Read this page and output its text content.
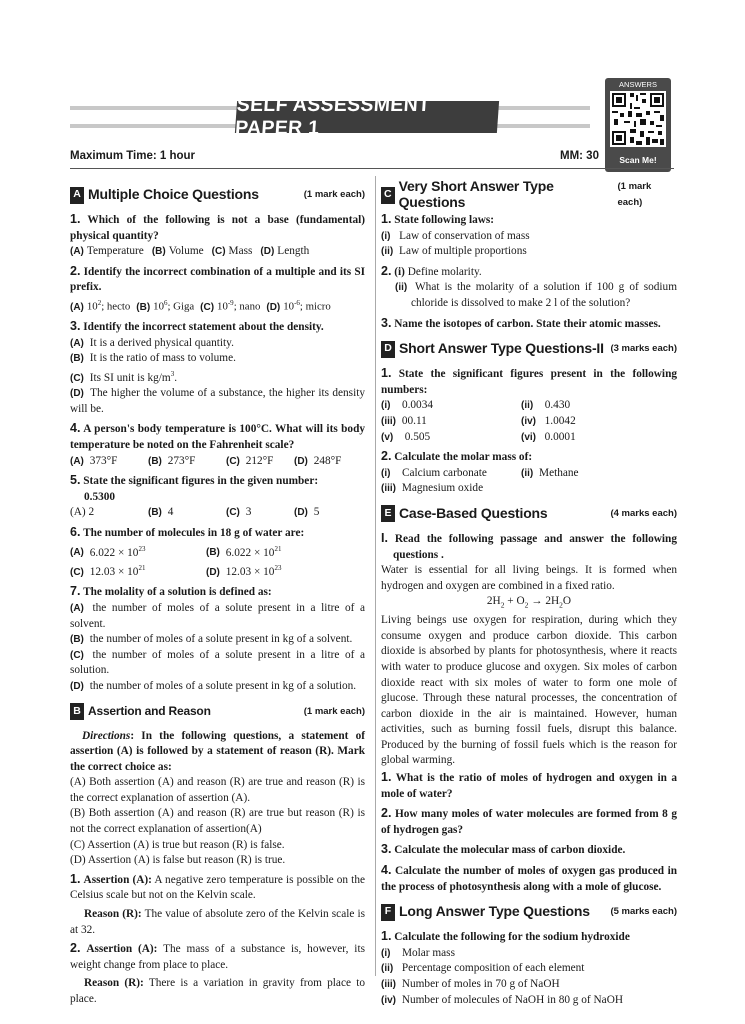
SELF ASSESSMENT PAPER 1
ANSWERS
Scan Me!
Maximum Time: 1 hour	MM: 30
A Multiple Choice Questions	(1 mark each)
1. Which of the following is not a base (fundamental) physical quantity?
(A) Temperature (B) Volume (C) Mass (D) Length
2. Identify the incorrect combination of a multiple and its SI prefix.
(A) $10^2$; hecto (B) $10^6$; Giga (C) $10^{-9}$; nano (D) $10^{-6}$; micro
3. Identify the incorrect statement about the density.
(A) It is a derived physical quantity.
(B) It is the ratio of mass to volume.
(C) Its SI unit is $kg/m^3$.
(D) The higher the volume of a substance, the higher its density will be.
4. A person's body temperature is 100°C. What will its body temperature be noted on the Fahrenheit scale?
(A) 373°F	(B) 273°F	(C) 212°F	(D) 248°F
5. State the significant figures in the given number:
0.5300
(A) 2	(B) 4	(C) 3	(D) 5
6. The number of molecules in 18 g of water are:
(A) $6.022 \times 10^{23}$	(B) $6.022 \times 10^{21}$
(C) $12.03 \times 10^{21}$	(D) $12.03 \times 10^{23}$
7. The molality of a solution is defined as:
(A) the number of moles of a solute present in a litre of a solvent.
(B) the number of moles of a solute present in kg of a solvent.
(C) the number of moles of a solute present in a litre of a solution.
(D) the number of moles of a solute present in kg of a solution.
B Assertion and Reason	(1 mark each)
Directions: In the following questions, a statement of assertion (A) is followed by a statement of reason (R). Mark the correct choice as:
(A) Both assertion (A) and reason (R) are true and reason (R) is the correct explanation of assertion (A).
(B) Both assertion (A) and reason (R) are true but reason (R) is not the correct explanation of assertion(A)
(C) Assertion (A) is true but reason (R) is false.
(D) Assertion (A) is false but reason (R) is true.
1. Assertion (A): A negative zero temperature is possible on the Celsius scale but not on the Kelvin scale.
Reason (R): The value of absolute zero of the Kelvin scale is at 32.
2. Assertion (A): The mass of a substance is, however, its weight change from place to place.
Reason (R): There is a variation in gravity from place to place.
C Very Short Answer Type Questions
(1 mark each)
1. State following laws:
(i) Law of conservation of mass
(ii) Law of multiple proportions
2. (i) Define molarity.
(ii) What is the molarity of a solution if 100 g of sodium chloride is dissolved to make 2 l of the solution?
3. Name the isotopes of carbon. State their atomic masses.
D Short Answer Type Questions-II (3 marks each)
1. State the significant figures present in the following numbers:
(i) 0.0034	(ii) 0.430
(iii) 00.11	(iv) 1.0042
(v) 0.505	(vi) 0.0001
2. Calculate the molar mass of:
(i) Calcium carbonate	(ii) Methane
(iii) Magnesium oxide
E Case-Based Questions	(4 marks each)
I. Read the following passage and answer the following questions .
Water is essential for all living beings. It is formed when hydrogen and oxygen are combined in a fixed ratio.
$2H_2 + O_2 \to 2H_2O$
Living beings use oxygen for respiration, during which they consume oxygen and produce carbon dioxide. This carbon dioxide is absorbed by plants for photosynthesis, where it reacts with water to produce glucose and oxygen. Six moles of carbon dioxide react with six moles of water to form one mole of glucose. Through these natural processes, the concentration of carbon dioxide in the air is maintained. However, human activities, such as burning fossil fuels, disrupt this balance. Produced by the burning of fossil fuels which is the reason for global warming.
1. What is the ratio of moles of hydrogen and oxygen in a mole of water?
2. How many moles of water molecules are formed from 8 g of hydrogen gas?
3. Calculate the molecular mass of carbon dioxide.
4. Calculate the number of moles of oxygen gas produced in the process of photosynthesis along with a mole of glucose.
F Long Answer Type Questions (5 marks each)
1. Calculate the following for the sodium hydroxide
(i) Molar mass
(ii) Percentage composition of each element
(iii) Number of moles in 70 g of NaOH
(iv) Number of molecules of NaOH in 80 g of NaOH
